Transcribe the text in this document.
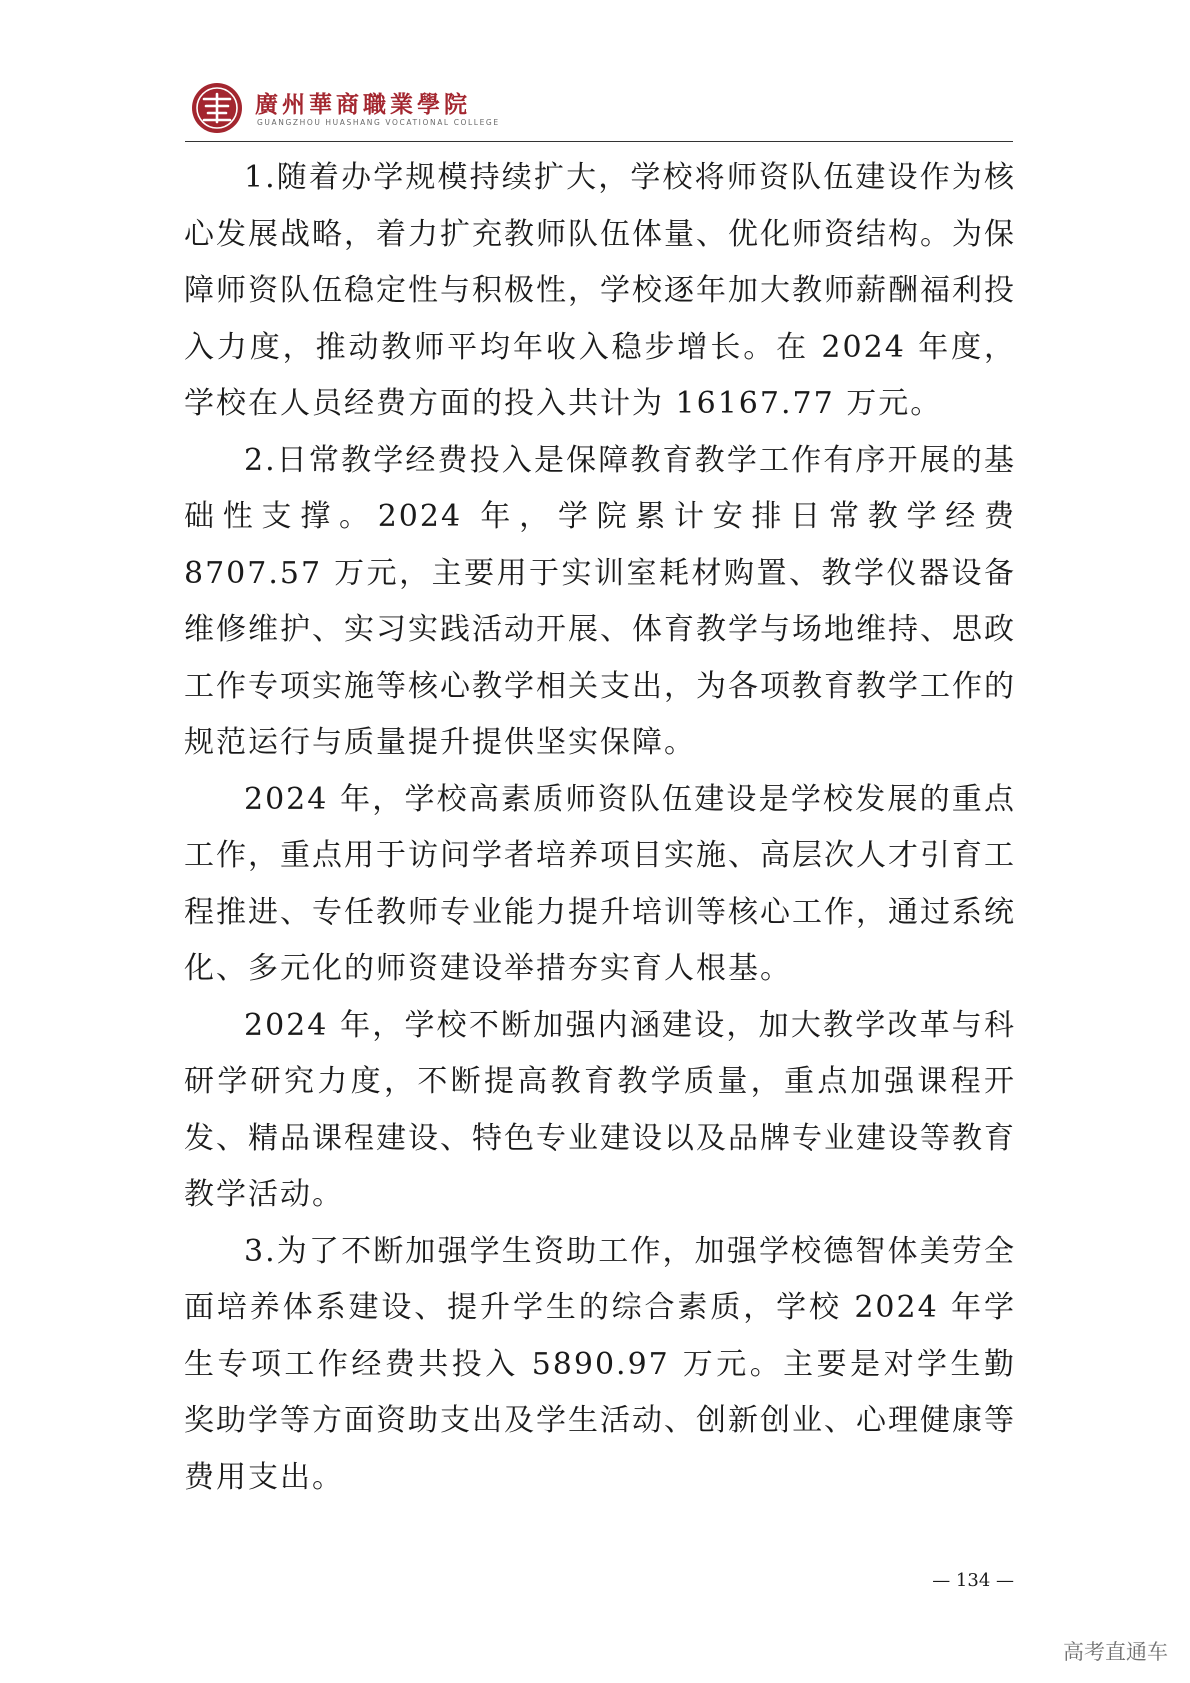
廣州華商職業學院
GUANGZHOU HUASHANG VOCATIONAL COLLEGE

1.随着办学规模持续扩大，学校将师资队伍建设作为核心发展战略，着力扩充教师队伍体量、优化师资结构。为保障师资队伍稳定性与积极性，学校逐年加大教师薪酬福利投入力度，推动教师平均年收入稳步增长。在 2024 年度，学校在人员经费方面的投入共计为 16167.77 万元。

2.日常教学经费投入是保障教育教学工作有序开展的基础性支撑。2024 年，学院累计安排日常教学经费 8707.57 万元，主要用于实训室耗材购置、教学仪器设备维修维护、实习实践活动开展、体育教学与场地维持、思政工作专项实施等核心教学相关支出，为各项教育教学工作的规范运行与质量提升提供坚实保障。

2024 年，学校高素质师资队伍建设是学校发展的重点工作，重点用于访问学者培养项目实施、高层次人才引育工程推进、专任教师专业能力提升培训等核心工作，通过系统化、多元化的师资建设举措夯实育人根基。

2024 年，学校不断加强内涵建设，加大教学改革与科研学研究力度，不断提高教育教学质量，重点加强课程开发、精品课程建设、特色专业建设以及品牌专业建设等教育教学活动。

3.为了不断加强学生资助工作，加强学校德智体美劳全面培养体系建设、提升学生的综合素质，学校 2024 年学生专项工作经费共投入 5890.97 万元。主要是对学生勤奖助学等方面资助支出及学生活动、创新创业、心理健康等费用支出。

— 134 —
高考直通车
